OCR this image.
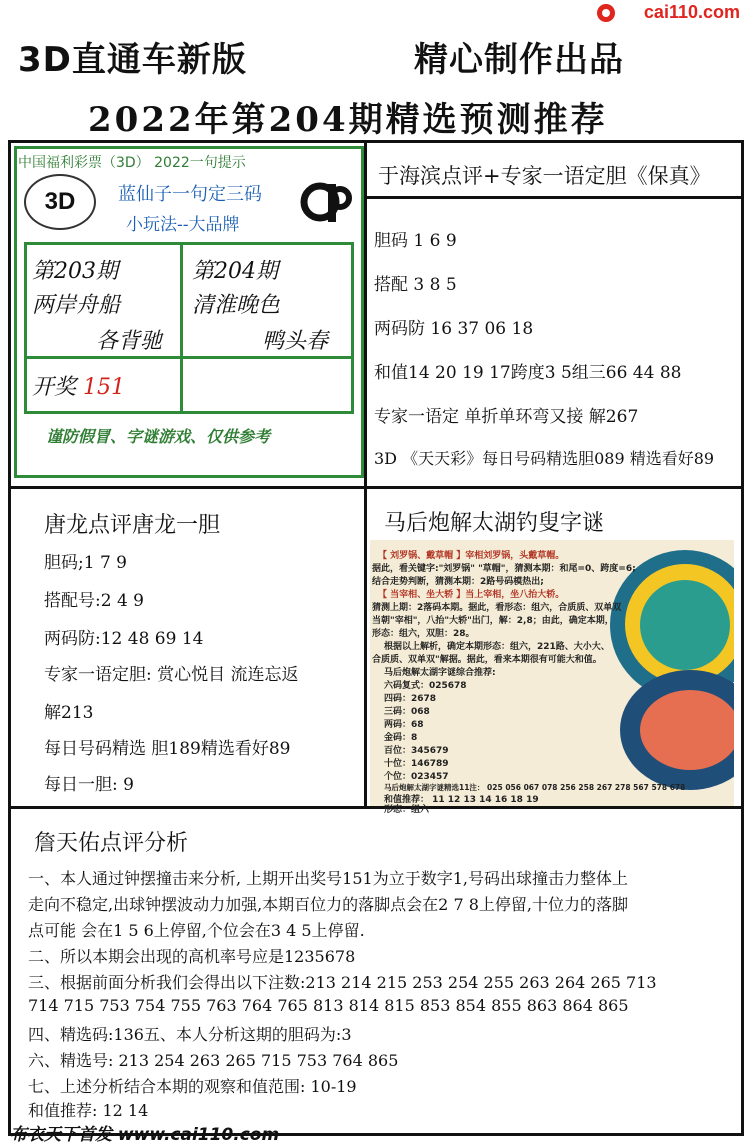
cai110.com
3D直通车新版	精心制作出品
2022年第204期精选预测推荐
中国福利彩票（3D） 2022一句提示
3D 蓝仙子一句定三码
小玩法--大品牌
第203期
两岸舟船
各背驰
第204期
清淮晚色
鸭头春
开奖 151
谨防假冒、字谜游戏、仅供参考
于海滨点评+专家一语定胆《保真》
胆码 1 6 9
搭配 3 8 5
两码防 16 37 06 18
和值14 20 19 17跨度3 5组三66 44 88
专家一语定 单折单环弯又接 解267
3D 《天天彩》每日号码精选胆089 精选看好89
唐龙点评唐龙一胆
胆码;1 7 9
搭配号:2 4 9
两码防:12 48 69 14
专家一语定胆: 赏心悦目 流连忘返
解213
每日号码精选 胆189精选看好89
每日一胆: 9
马后炮解太湖钓叟字谜
【 刘罗锅、戴草帽 】宰相刘罗锅，头戴草帽。
据此，看关键字:"刘罗锅" "草帽"，猜测本期：和尾=0、跨度=6;
结合走势判断，猜测本期：2路号码模热出;
【 当宰相、坐大轿 】当上宰相，坐八抬大轿。
猜测上期：2落码本期。据此，看形态：组六，合质质、双单双
当朝"宰相"，八抬"大轿"出门，解：2,8；由此，确定本期，
形态：组六，双胆：28。
根据以上解析，确定本期形态：组六，221路、大小大、
合质质、双单双"解据。据此，看来本期很有可能大和值。
马后炮解太湖字谜综合推荐:
六码复式：025678
四码：2678
三码：068
两码：68
金码：8
百位：345679
十位：146789
个位：023457
马后炮解太湖字谜精选11注： 025 056 067 078 256 258 267 278 567 578 678
和值推荐： 11 12 13 14 16 18 19
形态：组六
詹天佑点评分析
一、本人通过钟摆撞击来分析, 上期开出奖号151为立于数字1,号码出球撞击力整体上
走向不稳定,出球钟摆波动力加强,本期百位力的落脚点会在2 7 8上停留,十位力的落脚
点可能 会在1 5 6上停留,个位会在3 4 5上停留.
二、所以本期会出现的高机率号应是1235678
三、根据前面分析我们会得出以下注数:213 214 215 253 254 255 263 264 265 713
714 715 753 754 755 763 764 765 813 814 815 853 854 855 863 864 865
四、精选码:136五、本人分析这期的胆码为:3
六、精选号: 213 254 263 265 715 753 764 865
七、上述分析结合本期的观察和值范围: 10-19
和值推荐: 12 14
布衣天下首发 www.cai110.com
